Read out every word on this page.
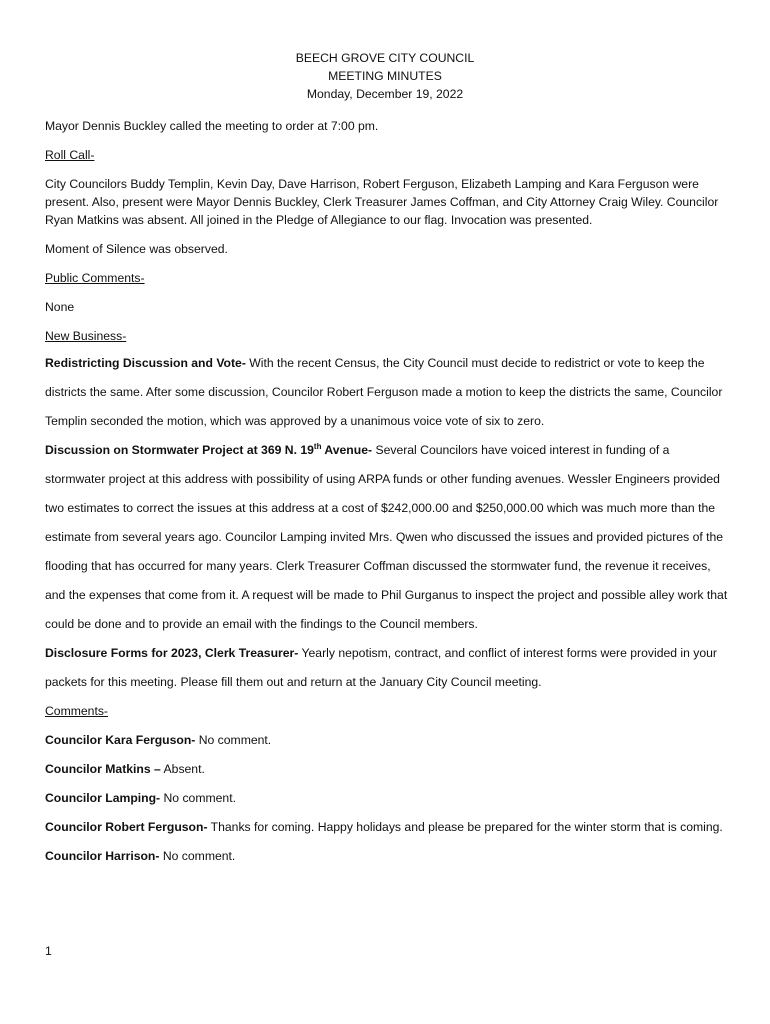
BEECH GROVE CITY COUNCIL
MEETING MINUTES
Monday, December 19, 2022

Mayor Dennis Buckley called the meeting to order at 7:00 pm.

Roll Call-

City Councilors Buddy Templin, Kevin Day, Dave Harrison, Robert Ferguson, Elizabeth Lamping and Kara Ferguson were present. Also, present were Mayor Dennis Buckley, Clerk Treasurer James Coffman, and City Attorney Craig Wiley. Councilor Ryan Matkins was absent. All joined in the Pledge of Allegiance to our flag. Invocation was presented.

Moment of Silence was observed.

Public Comments-

None

New Business-

Redistricting Discussion and Vote- With the recent Census, the City Council must decide to redistrict or vote to keep the districts the same. After some discussion, Councilor Robert Ferguson made a motion to keep the districts the same, Councilor Templin seconded the motion, which was approved by a unanimous voice vote of six to zero.

Discussion on Stormwater Project at 369 N. 19th Avenue- Several Councilors have voiced interest in funding of a stormwater project at this address with possibility of using ARPA funds or other funding avenues. Wessler Engineers provided two estimates to correct the issues at this address at a cost of $242,000.00 and $250,000.00 which was much more than the estimate from several years ago. Councilor Lamping invited Mrs. Qwen who discussed the issues and provided pictures of the flooding that has occurred for many years. Clerk Treasurer Coffman discussed the stormwater fund, the revenue it receives, and the expenses that come from it. A request will be made to Phil Gurganus to inspect the project and possible alley work that could be done and to provide an email with the findings to the Council members.

Disclosure Forms for 2023, Clerk Treasurer- Yearly nepotism, contract, and conflict of interest forms were provided in your packets for this meeting. Please fill them out and return at the January City Council meeting.

Comments-

Councilor Kara Ferguson- No comment.

Councilor Matkins – Absent.

Councilor Lamping- No comment.

Councilor Robert Ferguson- Thanks for coming. Happy holidays and please be prepared for the winter storm that is coming.

Councilor Harrison- No comment.

1
